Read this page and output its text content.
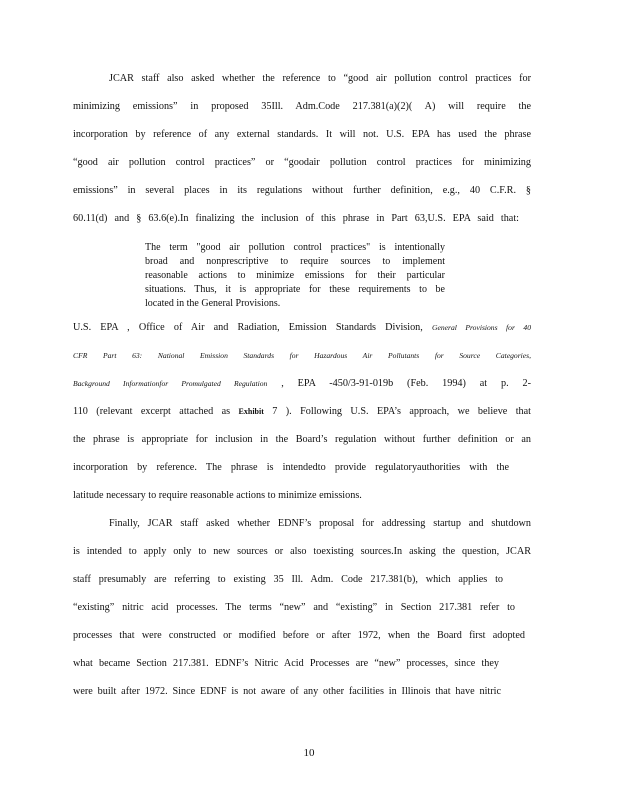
JCAR staff also asked whether the reference to “good air pollution control practices for
minimizing emissions” in proposed 35Ill. Adm.Code 217.381(a)(2)( A) will require the
incorporation by reference of any external standards. It will not. U.S. EPA has used the phrase
“good air pollution control practices” or “goodair pollution control practices for minimizing
emissions” in several places in its regulations without further definition, e.g., 40 C.F.R. §
60.11(d) and § 63.6(e).In finalizing the inclusion of this phrase in Part 63,U.S. EPA said that:
The term "good air pollution control practices" is intentionally
broad and nonprescriptive to require sources to implement
reasonable actions to minimize emissions for their particular
situations. Thus, it is appropriate for these requirements to be
located in the General Provisions.
U.S. EPA , Office of Air and Radiation, Emission Standards Division, General Provisions for 40
CFR Part 63: National Emission Standards for Hazardous Air Pollutants for Source Categories,
Background Informationfor Promulgated Regulation , EPA -450/3-91-019b (Feb. 1994) at p. 2-
110 (relevant excerpt attached as Exhibit 7 ). Following U.S. EPA’s approach, we believe that
the phrase is appropriate for inclusion in the Board’s regulation without further definition or an
incorporation by reference. The phrase is intendedto provide regulatoryauthorities with the
latitude necessary to require reasonable actions to minimize emissions.
Finally, JCAR staff asked whether EDNF’s proposal for addressing startup and shutdown
is intended to apply only to new sources or also toexisting sources.In asking the question, JCAR
staff presumably are referring to existing 35 Ill. Adm. Code 217.381(b), which applies to
“existing” nitric acid processes. The terms “new” and “existing” in Section 217.381 refer to
processes that were constructed or modified before or after 1972, when the Board first adopted
what became Section 217.381. EDNF’s Nitric Acid Processes are “new” processes, since they
were built after 1972. Since EDNF is not aware of any other facilities in Illinois that have nitric
10
